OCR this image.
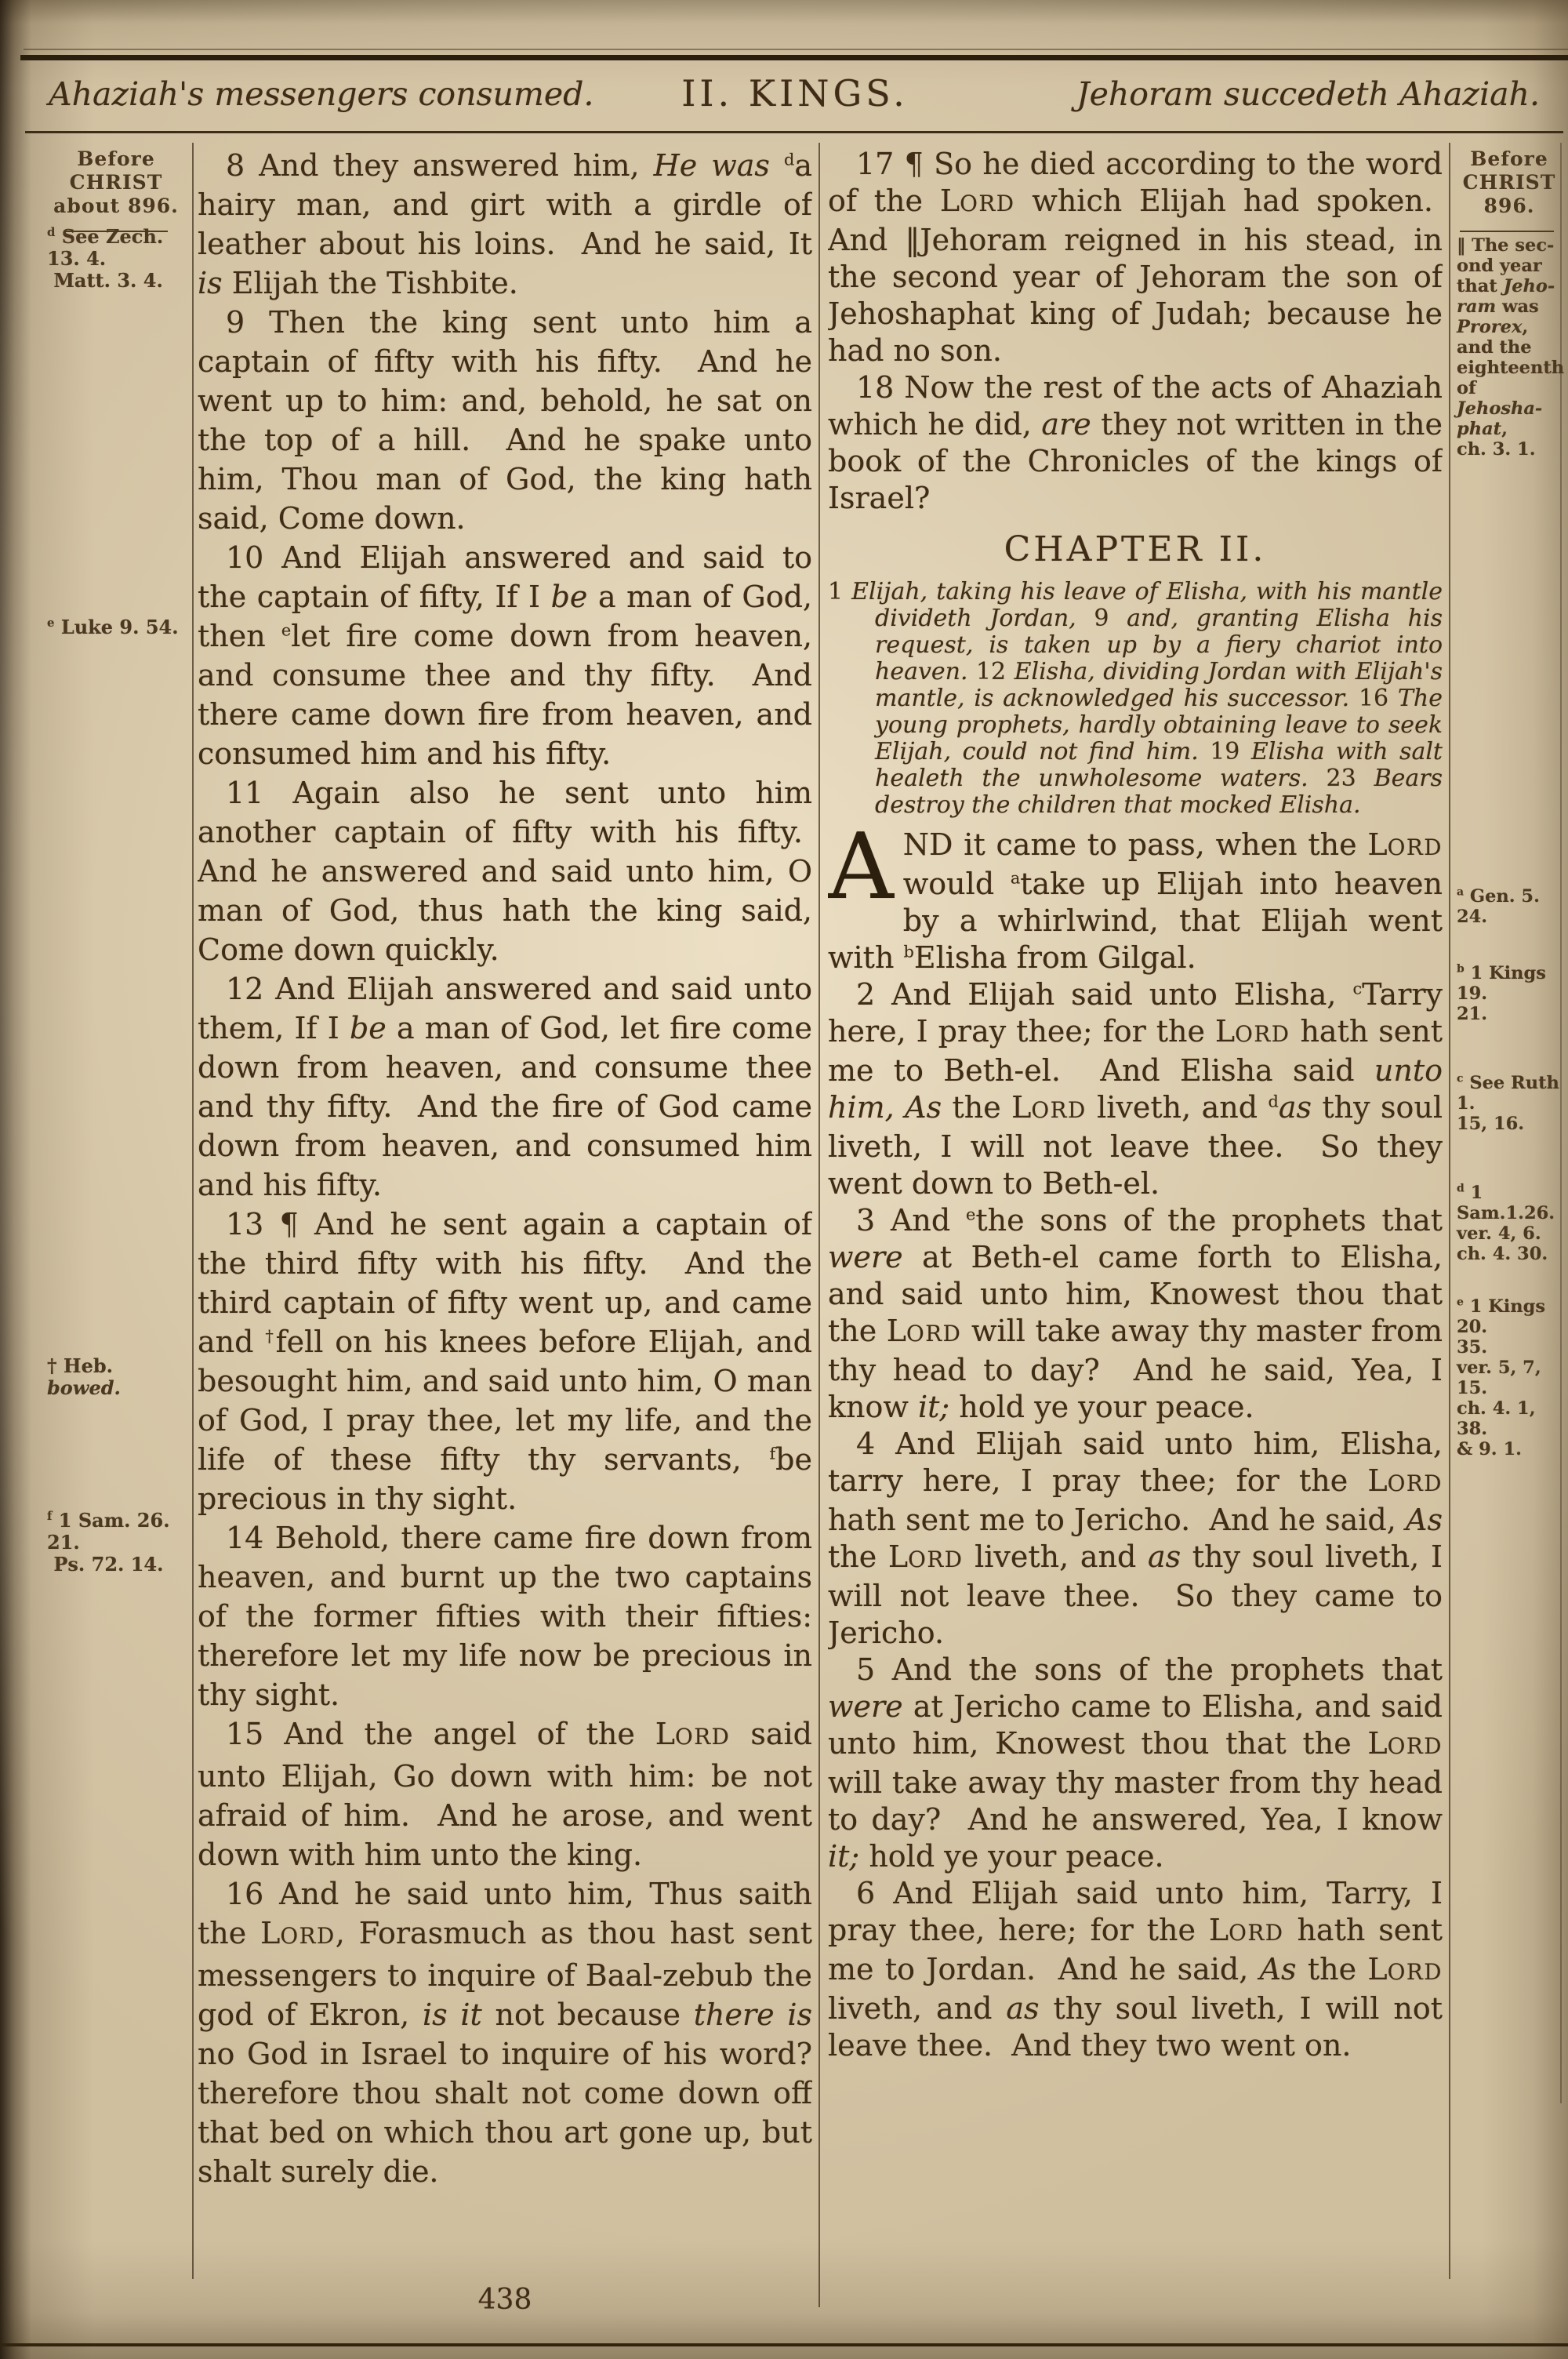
Ahaziah's messengers consumed. II. KINGS.	Jehoram succedeth Ahaziah.
Before
CHRIST
about 896.
$^d$ See Zech.
13. 4.
Matt. 3. 4.
$^e$ Luke 9. 54.
† Heb.
bowed.
$^f$ 1 Sam. 26.
21.
Ps. 72. 14.

8 And they answered him, He was $^d$a hairy man, and girt with a girdle of leather about his loins.  And he said, It is Elijah the Tishbite.

9 Then the king sent unto him a captain of fifty with his fifty.  And he went up to him: and, behold, he sat on the top of a hill.  And he spake unto him, Thou man of God, the king hath said, Come down.

10 And Elijah answered and said to the captain of fifty, If I be a man of God, then $^e$let fire come down from heaven, and consume thee and thy fifty.  And there came down fire from heaven, and consumed him and his fifty.

11 Again also he sent unto him another captain of fifty with his fifty.  And he answered and said unto him, O man of God, thus hath the king said, Come down quickly.

12 And Elijah answered and said unto them, If I be a man of God, let fire come down from heaven, and consume thee and thy fifty.  And the fire of God came down from heaven, and consumed him and his fifty.

13 ¶ And he sent again a captain of the third fifty with his fifty.  And the third captain of fifty went up, and came and †fell on his knees before Elijah, and besought him, and said unto him, O man of God, I pray thee, let my life, and the life of these fifty thy servants, $^f$be precious in thy sight.

14 Behold, there came fire down from heaven, and burnt up the two captains of the former fifties with their fifties: therefore let my life now be precious in thy sight.

15 And the angel of the LORD said unto Elijah, Go down with him: be not afraid of him.  And he arose, and went down with him unto the king.

16 And he said unto him, Thus saith the LORD, Forasmuch as thou hast sent messengers to inquire of Baal-zebub the god of Ekron, is it not because there is no God in Israel to inquire of his word? therefore thou shalt not come down off that bed on which thou art gone up, but shalt surely die.

17 ¶ So he died according to the word of the LORD which Elijah had spoken.  And ‖Jehoram reigned in his stead, in the second year of Jehoram the son of Jehoshaphat king of Judah; because he had no son.

18 Now the rest of the acts of Ahaziah which he did, are they not written in the book of the Chronicles of the kings of Israel?

CHAPTER II.

1 Elijah, taking his leave of Elisha, with his mantle divideth Jordan, 9 and, granting Elisha his request, is taken up by a fiery chariot into heaven. 12 Elisha, dividing Jordan with Elijah's mantle, is acknowledged his successor. 16 The young prophets, hardly obtaining leave to seek Elijah, could not find him. 19 Elisha with salt healeth the unwholesome waters. 23 Bears destroy the children that mocked Elisha.

AND it came to pass, when the LORD would $^a$take up Elijah into heaven by a whirlwind, that Elijah went with $^b$Elisha from Gilgal.

2 And Elijah said unto Elisha, $^c$Tarry here, I pray thee; for the LORD hath sent me to Beth-el.  And Elisha said unto him, As the LORD liveth, and $^d$as thy soul liveth, I will not leave thee.  So they went down to Beth-el.

3 And $^e$the sons of the prophets that were at Beth-el came forth to Elisha, and said unto him, Knowest thou that the LORD will take away thy master from thy head to day?  And he said, Yea, I know it; hold ye your peace.

4 And Elijah said unto him, Elisha, tarry here, I pray thee; for the LORD hath sent me to Jericho.  And he said, As the LORD liveth, and as thy soul liveth, I will not leave thee.  So they came to Jericho.

5 And the sons of the prophets that were at Jericho came to Elisha, and said unto him, Knowest thou that the LORD will take away thy master from thy head to day?  And he answered, Yea, I know it; hold ye your peace.

6 And Elijah said unto him, Tarry, I pray thee, here; for the LORD hath sent me to Jordan.  And he said, As the LORD liveth, and as thy soul liveth, I will not leave thee.  And they two went on.

Before
CHRIST
896.
‖ The sec-
ond year
that Jeho-
ram was
Prorex,
and the
eighteenth
of Jehosha-
phat,
ch. 3. 1.
$^a$ Gen. 5. 24.
$^b$ 1 Kings 19.
21.
$^c$ See Ruth 1.
15, 16.
$^d$ 1 Sam.1.26.
ver. 4, 6.
ch. 4. 30.
$^e$ 1 Kings 20.
35.
ver. 5, 7, 15.
ch. 4. 1, 38.
& 9. 1.
438
